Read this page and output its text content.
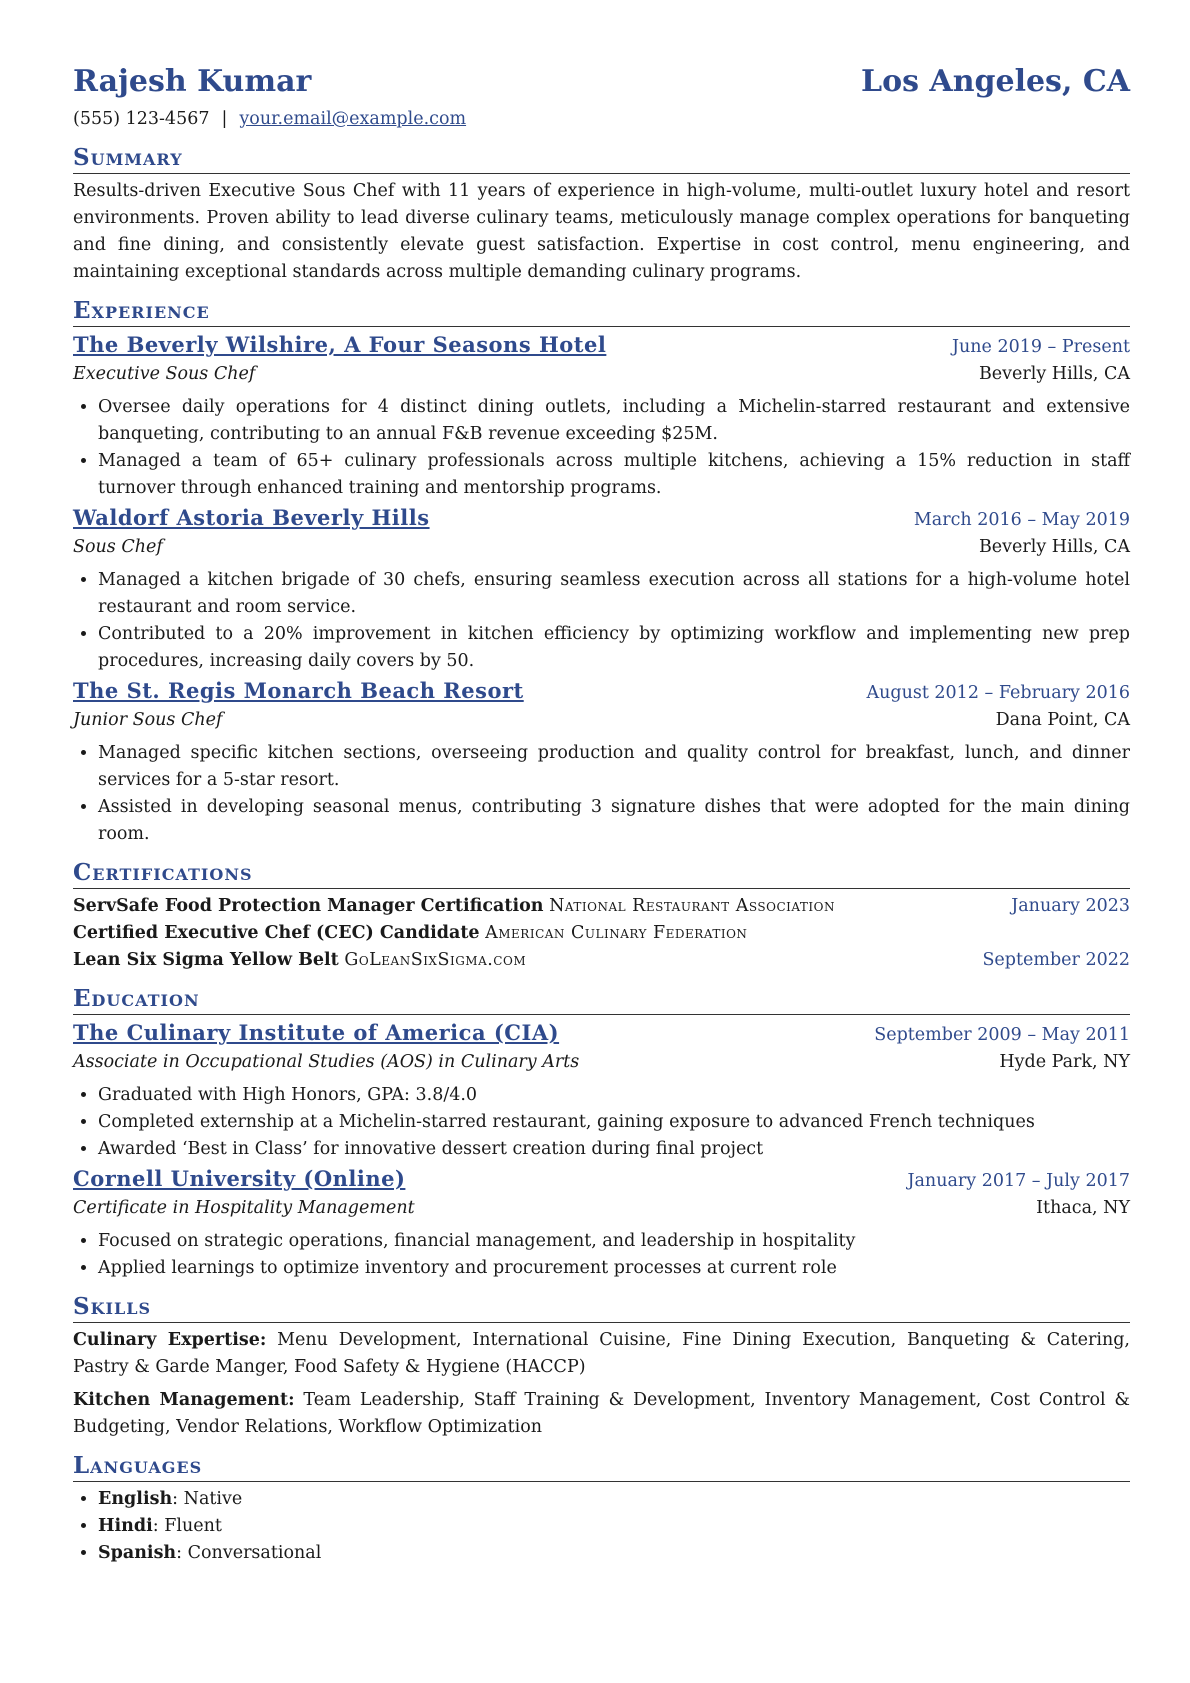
Rajesh Kumar	Los Angeles, CA
(555) 123-4567 | your.email@example.com
Summary
Results-driven Executive Sous Chef with 11 years of experience in high-volume, multi-outlet luxury hotel and resort environments. Proven ability to lead diverse culinary teams, meticulously manage complex operations for banqueting and fine dining, and consistently elevate guest satisfaction. Expertise in cost control, menu engineering, and maintaining exceptional standards across multiple demanding culinary programs.
Experience
The Beverly Wilshire, A Four Seasons Hotel	June 2019 – Present
Executive Sous Chef	Beverly Hills, CA
• Oversee daily operations for 4 distinct dining outlets, including a Michelin-starred restaurant and extensive banqueting, contributing to an annual F&B revenue exceeding $25M.
• Managed a team of 65+ culinary professionals across multiple kitchens, achieving a 15% reduction in staff turnover through enhanced training and mentorship programs.
Waldorf Astoria Beverly Hills	March 2016 – May 2019
Sous Chef	Beverly Hills, CA
• Managed a kitchen brigade of 30 chefs, ensuring seamless execution across all stations for a high-volume hotel restaurant and room service.
• Contributed to a 20% improvement in kitchen efficiency by optimizing workflow and implementing new prep procedures, increasing daily covers by 50.
The St. Regis Monarch Beach Resort	August 2012 – February 2016
Junior Sous Chef	Dana Point, CA
• Managed specific kitchen sections, overseeing production and quality control for breakfast, lunch, and dinner services for a 5-star resort.
• Assisted in developing seasonal menus, contributing 3 signature dishes that were adopted for the main dining room.
Certifications
ServSafe Food Protection Manager Certification National Restaurant Association	January 2023
Certified Executive Chef (CEC) Candidate American Culinary Federation
Lean Six Sigma Yellow Belt GoLeanSixSigma.com	September 2022
Education
The Culinary Institute of America (CIA)	September 2009 – May 2011
Associate in Occupational Studies (AOS) in Culinary Arts	Hyde Park, NY
• Graduated with High Honors, GPA: 3.8/4.0
• Completed externship at a Michelin-starred restaurant, gaining exposure to advanced French techniques
• Awarded ‘Best in Class’ for innovative dessert creation during final project
Cornell University (Online)	January 2017 – July 2017
Certificate in Hospitality Management	Ithaca, NY
• Focused on strategic operations, financial management, and leadership in hospitality
• Applied learnings to optimize inventory and procurement processes at current role
Skills
Culinary Expertise: Menu Development, International Cuisine, Fine Dining Execution, Banqueting & Catering, Pastry & Garde Manger, Food Safety & Hygiene (HACCP)
Kitchen Management: Team Leadership, Staff Training & Development, Inventory Management, Cost Control & Budgeting, Vendor Relations, Workflow Optimization
Languages
• English: Native
• Hindi: Fluent
• Spanish: Conversational
